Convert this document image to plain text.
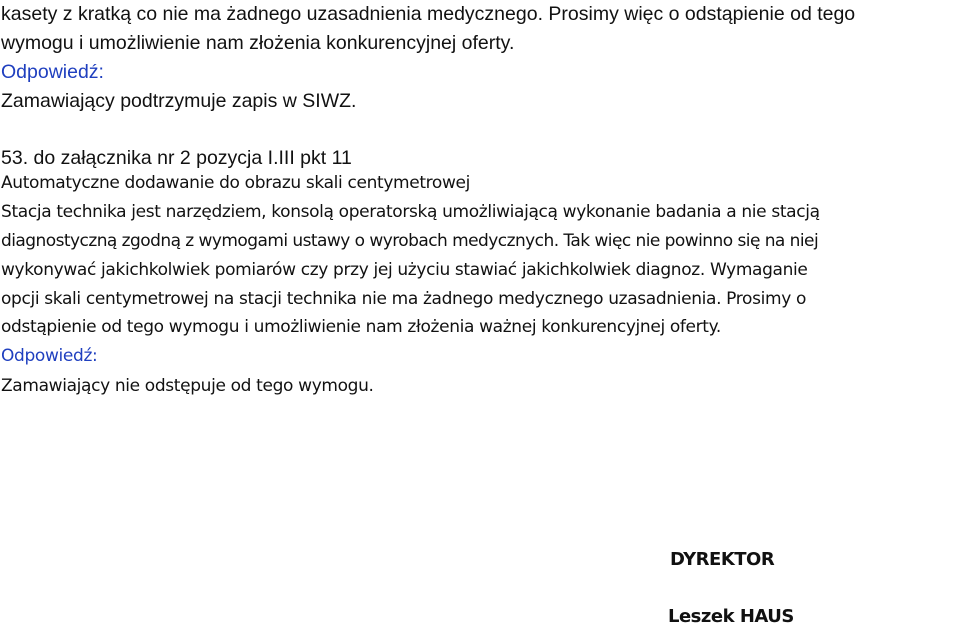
kasety z kratką co nie ma żadnego uzasadnienia medycznego. Prosimy więc o odstąpienie od tego
wymogu i umożliwienie nam złożenia konkurencyjnej oferty.
Odpowiedź:
Zamawiający podtrzymuje zapis w SIWZ.
53. do załącznika nr 2 pozycja I.III pkt 11
Automatyczne dodawanie do obrazu skali centymetrowej
Stacja technika jest narzędziem, konsolą operatorską umożliwiającą wykonanie badania a nie stacją
diagnostyczną zgodną z wymogami ustawy o wyrobach medycznych. Tak więc nie powinno się na niej
wykonywać jakichkolwiek pomiarów czy przy jej użyciu stawiać jakichkolwiek diagnoz. Wymaganie
opcji skali centymetrowej na stacji technika nie ma żadnego medycznego uzasadnienia. Prosimy o
odstąpienie od tego wymogu i umożliwienie nam złożenia ważnej konkurencyjnej oferty.
Odpowiedź:
Zamawiający nie odstępuje od tego wymogu.
DYREKTOR
Leszek HAUS
